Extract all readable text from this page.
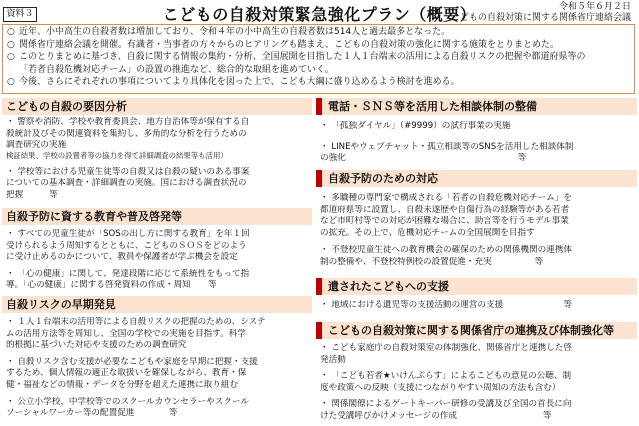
資料３	こどもの自殺対策緊急強化プラン（概要）	令和５年６月２日
こどもの自殺対策に関する関係省庁連絡会議
○ 近年、小中高生の自殺者数は増加しており、令和４年の小中高生の自殺者数は514人と過去最多となった。
○ 関係省庁連絡会議を開催。有識者・当事者の方々からのヒアリングも踏まえ、こどもの自殺対策の強化に関する施策をとりまとめた。
○ このとりまとめに基づき、自殺に関する情報の集約・分析、全国展開を目指した１人１台端末の活用による自殺リスクの把握や都道府県等の
「若者自殺危機対応チーム」の設置の推進など、総合的な取組を進めていく。
○ 今後、さらにそれぞれの事項についてより具体化を図った上で、こども大綱に盛り込めるよう検討を進める。
こどもの自殺の要因分析
・ 警察や消防、学校や教育委員会、地方自治体等が保有する自
殺統計及びその関連資料を集約し、多角的な分析を行うための
調査研究の実施
検証結果、学校の設置者等の協力を得て詳細調査の結果等も活用）
・ 学校等における児童生徒等の自殺又は自殺の疑いのある事案
についての基本調査・詳細調査の実施。国における調査状況の
把握　　　等
自殺予防に資する教育や普及啓発等
・ すべての児童生徒が「SOSの出し方に関する教育」を年１回
受けられるよう周知するとともに、こどものＳＯＳをどのよう
に受け止めるのかについて、教員や保護者が学ぶ機会を設定
・ 「心の健康」に関して、発達段階に応じて系統性をもって指
導。「心の健康」に関する啓発資料の作成・周知　　等
自殺リスクの早期発見
・ １人１台端末の活用等による自殺リスクの把握のための、システ
ムの活用方法等を周知し、全国の学校での実施を目指す。科学
的根拠に基づいた対応や支援のための調査研究
・ 自殺リスク含む支援が必要なこどもや家庭を早期に把握・支援
するため、個人情報の適正な取扱いを確保しながら、教育・保
健・福祉などの情報・データを分野を超えた連携に取り組む
・ 公立小学校、中学校等でのスクールカウンセラーやスクール
ソーシャルワーカー等の配置促進　　　　等
電話・ＳＮＳ等を活用した相談体制の整備
・ 「孤独ダイヤル」（#9999）の試行事業の実施
・ LINEやウェブチャット・孤立相談等のSNSを活用した相談体制
の強化　　　　　　　　　　　　　　　　　　　　等
自殺予防のための対応
・ 多職種の専門家で構成される「若者の自殺危機対応チーム」を
都道府県等に設置し、自殺未遂歴や自傷行為の経験等がある若者
など市町村等での対応が困難な場合に、助言等を行うモデル事業
の拡充。その上で、危機対応チームの全国展開を目指す
・ 不登校児童生徒への教育機会の確保のための関係機関の連携体
制の整備や、不登校特例校の設置促進・充実　　　　　等
遺されたこどもへの支援
・ 地域における遺児等の支援活動の運営の支援　　　　　　　等
こどもの自殺対策に関する関係省庁の連携及び体制強化等
・ こども家庭庁の自殺対策室の体制強化、関係省庁と連携した啓
発活動
・ 「こども若者★いけんぷらす」によるこどもの意見の公聴、制
度や政策への反映（支援につながりやすい周知の方法も含む）
・ 関係閣僚によるゲートキーパー研修の受講及び全国の首長に向
けた受講呼びかけメッセージの作成　　　　　　　　　　等
